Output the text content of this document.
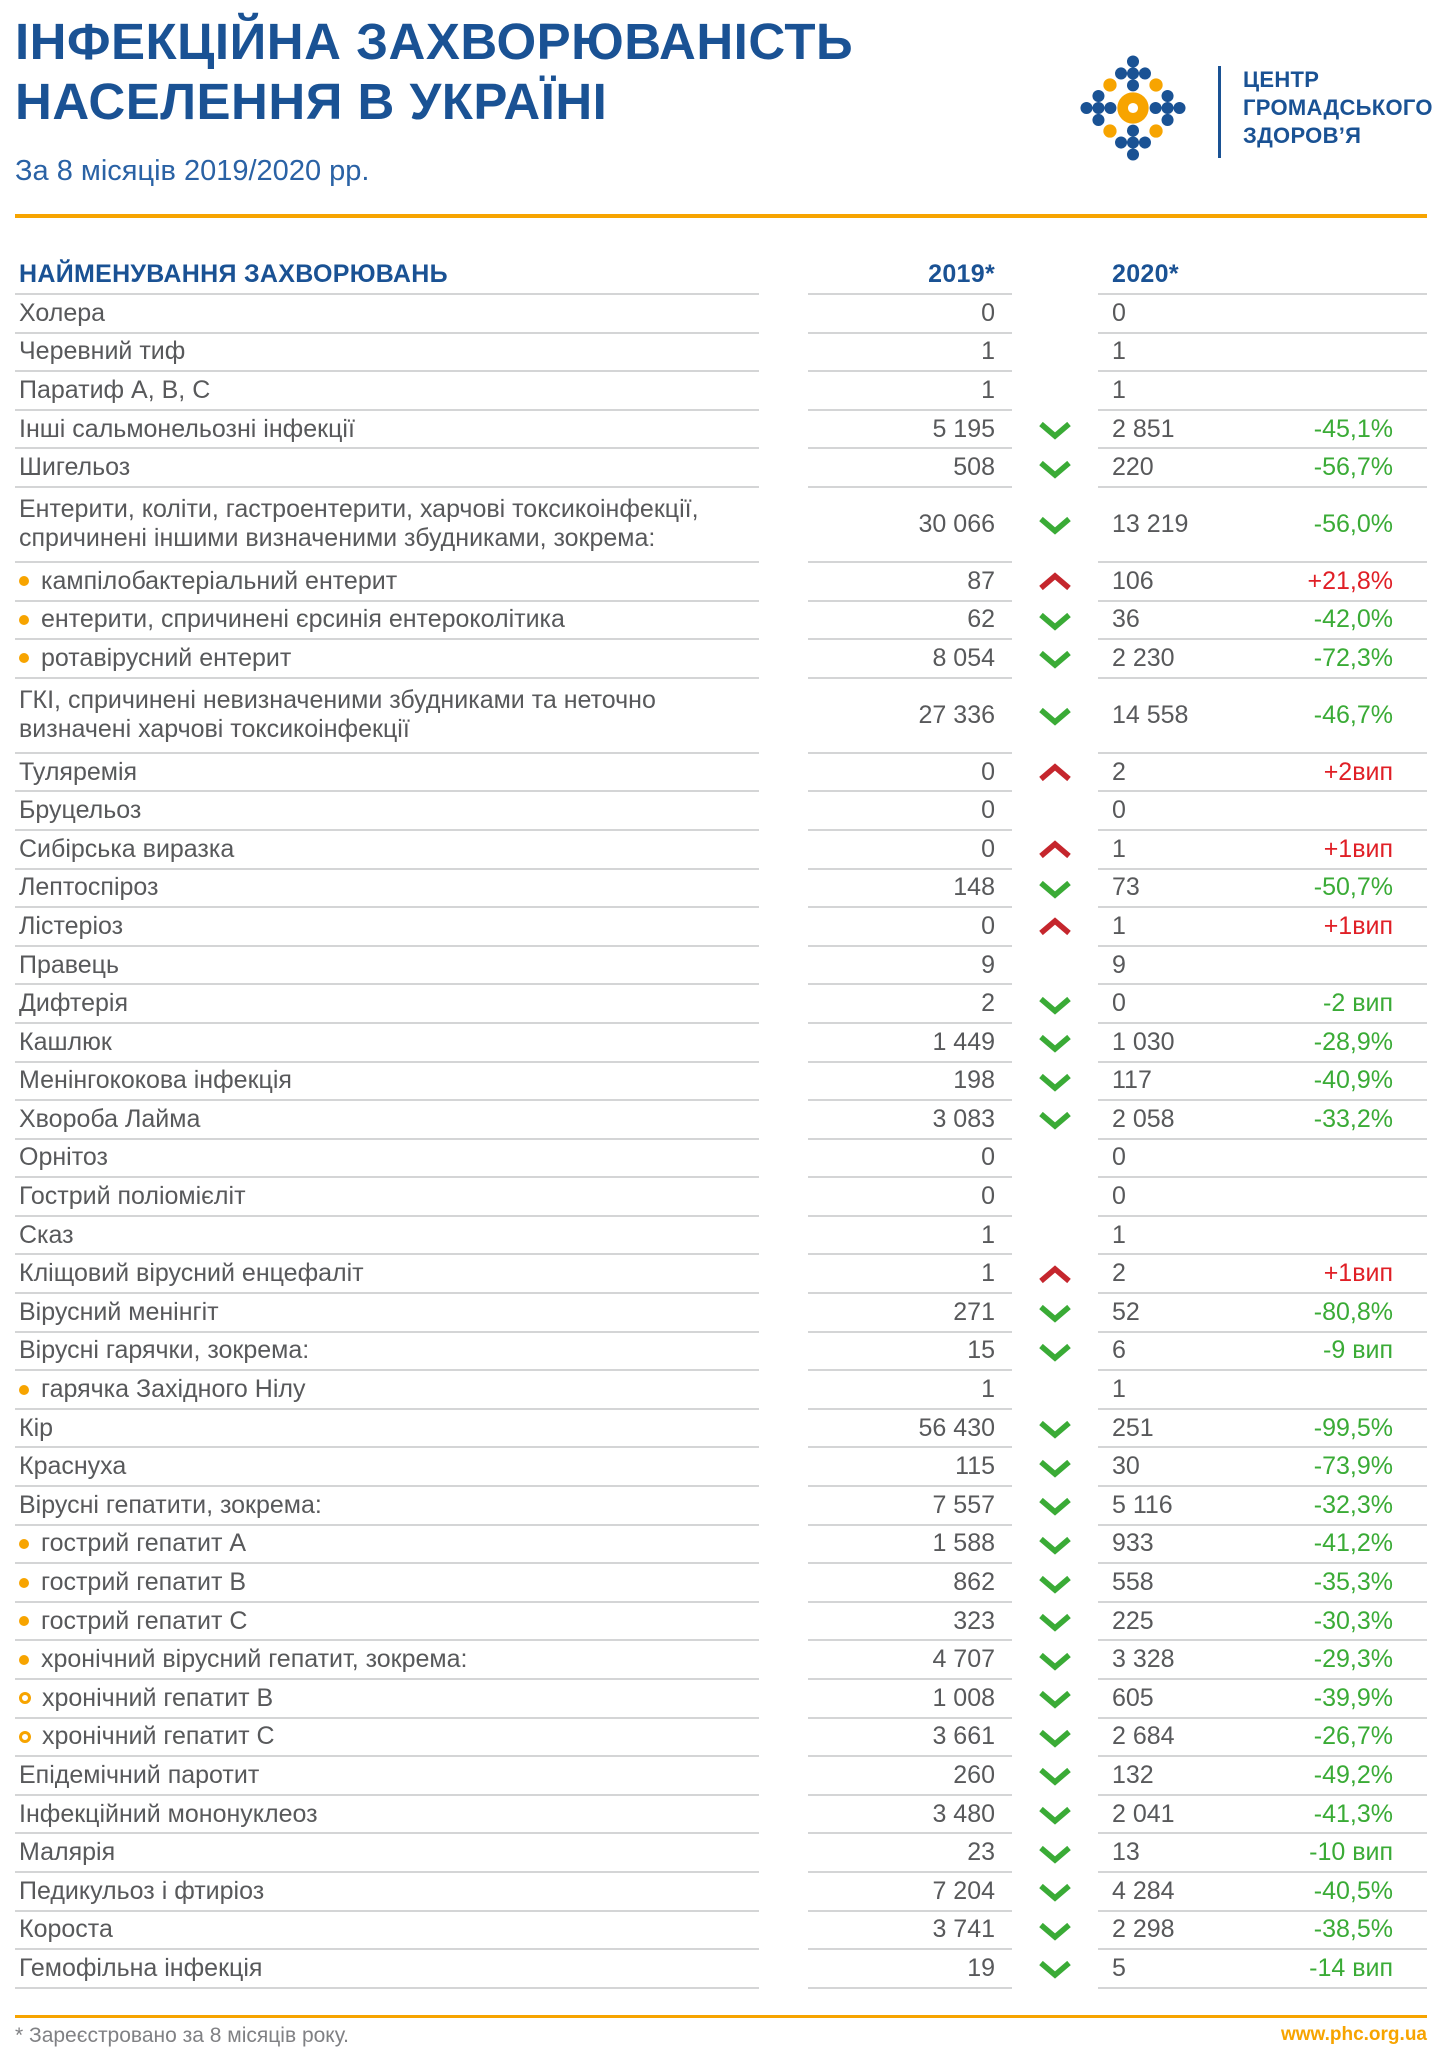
ІНФЕКЦІЙНА ЗАХВОРЮВАНІСТЬ
НАСЕЛЕННЯ В УКРАЇНІ
За 8 місяців 2019/2020 рр.
ЦЕНТР
ГРОМАДСЬКОГО
ЗДОРОВ’Я
НАЙМЕНУВАННЯ ЗАХВОРЮВАНЬ	2019*	2020*
Холера	0	0
Черевний тиф	1	1
Паратиф А, В, С	1	1
Інші сальмонельозні інфекції	5 195	2 851	-45,1%
Шигельоз	508	220	-56,7%
Ентерити, коліти, гастроентерити, харчові токсикоінфекції, спричинені іншими визначеними збудниками, зокрема:
30 066	13 219	-56,0%
кампілобактеріальний ентерит	87	106	+21,8%
ентерити, спричинені єрсинія ентероколітика	62	36	-42,0%
ротавірусний ентерит	8 054	2 230	-72,3%
ГКІ, спричинені невизначеними збудниками та неточно визначені харчові токсикоінфекції
27 336	14 558	-46,7%
Туляремія	0	2	+2вип
Бруцельоз	0	0
Сибірська виразка	0	1	+1вип
Лептоспіроз	148	73	-50,7%
Лістеріоз	0	1	+1вип
Правець	9	9
Дифтерія	2	0	-2 вип
Кашлюк	1 449	1 030	-28,9%
Менінгококова інфекція	198	117	-40,9%
Хвороба Лайма	3 083	2 058	-33,2%
Орнітоз	0	0
Гострий поліомієліт	0	0
Сказ	1	1
Кліщовий вірусний енцефаліт	1	2	+1вип
Вірусний менінгіт	271	52	-80,8%
Вірусні гарячки, зокрема:	15	6	-9 вип
гарячка Західного Нілу	1	1
Кір	56 430	251	-99,5%
Краснуха	115	30	-73,9%
Вірусні гепатити, зокрема:	7 557	5 116	-32,3%
гострий гепатит А	1 588	933	-41,2%
гострий гепатит В	862	558	-35,3%
гострий гепатит С	323	225	-30,3%
хронічний вірусний гепатит, зокрема:	4 707	3 328	-29,3%
хронічний гепатит В	1 008	605	-39,9%
хронічний гепатит С	3 661	2 684	-26,7%
Епідемічний паротит	260	132	-49,2%
Інфекційний мононуклеоз	3 480	2 041	-41,3%
Малярія	23	13	-10 вип
Педикульоз і фтиріоз	7 204	4 284	-40,5%
Короста	3 741	2 298	-38,5%
Гемофільна інфекція	19	5	-14 вип
* Зареєстровано за 8 місяців року.	www.phc.org.ua
